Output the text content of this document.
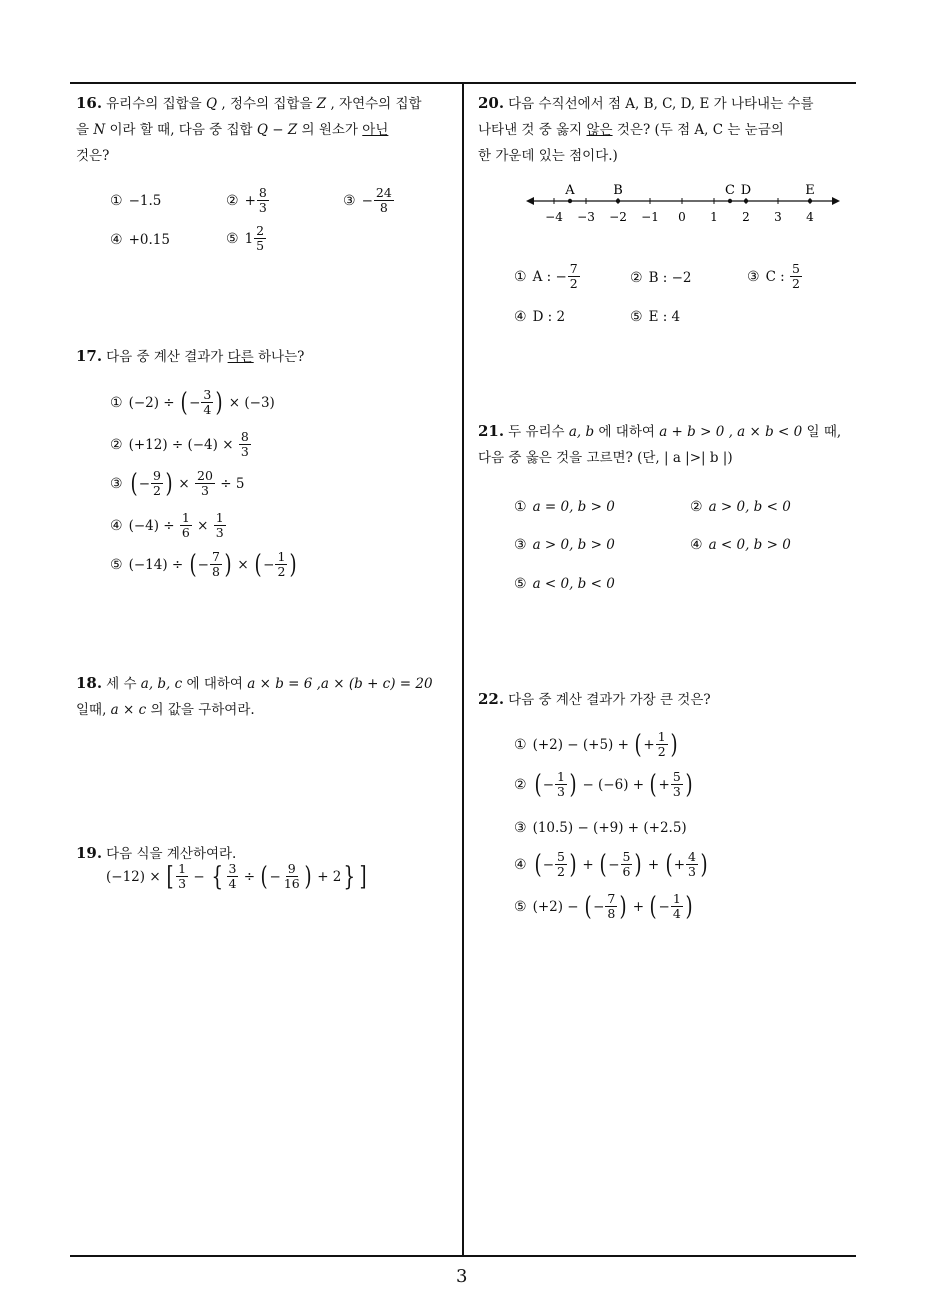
3
16. 유리수의 집합을 Q , 정수의 집합을 Z , 자연수의 집합
을 N 이라 할 때, 다음 중 집합 Q − Z 의 원소가 아닌
것은?
① −1.5	② + $\frac{8}{3}$	③ − $\frac{24}{8}$
④ +0.15	⑤ $1 \frac{2}{5}$
17. 다음 중 계산 결과가 다른 하나는?
① (−2) ÷
( − $\frac{3}{4}$ )
× (−3)
② (+12) ÷ (−4) ×
$\frac{8}{3}$
③ ( − $\frac{9}{2}$ ) × $\frac{20}{3}$
÷ 5
④ (−4) ÷
$\frac{1}{6} \times \frac{1}{3}$
⑤ (−14) ÷
( − $\frac{7}{8}$ ) × ( − $\frac{1}{2}$ )
18. 세 수 a, b, c 에 대하여 a × b = 6 ,a × (b + c) = 20
일때, a × c 의 값을 구하여라.
19. 다음 식을 계산하여라.
(−12) ×
[ $\frac{1}{3}$ − { $\frac{3}{4}$ ÷ ( − $\frac{9}{16}$ )
+ 2 } ]
20. 다음 수직선에서 점 A, B, C, D, E 가 나타내는 수를
나타낸 것 중 옳지 않은 것은? (두 점 A, C 는 눈금의
한 가운데 있는 점이다.)
−4 −3 −2 −1 0 1 2 3 4
A	B	C D	E
① A : − $\frac{7}{2}$	② B : −2	③ C :
$\frac{5}{2}$
④ D : 2	⑤ E : 4
21. 두 유리수 a, b 에 대하여 a + b > 0 , a × b < 0 일 때,
다음 중 옳은 것을 고르면? (단, | a |>| b |)
① a = 0, b > 0	② a > 0, b < 0
③ a > 0, b > 0	④ a < 0, b > 0
⑤ a < 0, b < 0
22. 다음 중 계산 결과가 가장 큰 것은?
① (+2) − (+5) +
( + $\frac{1}{2}$ )
② ( − $\frac{1}{3}$ )
− (−6) +
( + $\frac{5}{3}$ )
③ (10.5) − (+9) + (+2.5)
④ ( − $\frac{5}{2}$ ) + ( − $\frac{5}{6}$ ) + ( + $\frac{4}{3}$ )
⑤ (+2) −
( − $\frac{7}{8}$ ) + ( − $\frac{1}{4}$ )
